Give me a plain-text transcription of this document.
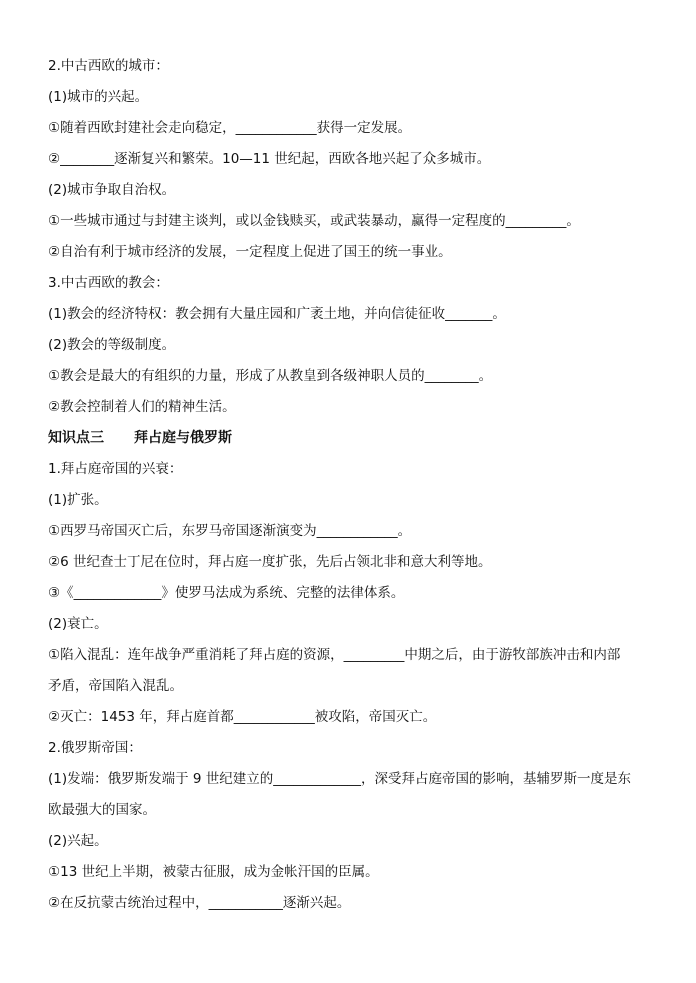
2.中古西欧的城市：
(1)城市的兴起。
①随着西欧封建社会走向稳定，____________获得一定发展。
②________逐渐复兴和繁荣。10—11 世纪起，西欧各地兴起了众多城市。
(2)城市争取自治权。
①一些城市通过与封建主谈判，或以金钱赎买，或武装暴动，赢得一定程度的_________。
②自治有利于城市经济的发展，一定程度上促进了国王的统一事业。
3.中古西欧的教会：
(1)教会的经济特权：教会拥有大量庄园和广袤土地，并向信徒征收_______。
(2)教会的等级制度。
①教会是最大的有组织的力量，形成了从教皇到各级神职人员的________。
②教会控制着人们的精神生活。
知识点三 拜占庭与俄罗斯
1.拜占庭帝国的兴衰：
(1)扩张。
①西罗马帝国灭亡后，东罗马帝国逐渐演变为____________。
②6 世纪查士丁尼在位时，拜占庭一度扩张，先后占领北非和意大利等地。
③《_____________》使罗马法成为系统、完整的法律体系。
(2)衰亡。
①陷入混乱：连年战争严重消耗了拜占庭的资源，_________中期之后，由于游牧部族冲击和内部
矛盾，帝国陷入混乱。
②灭亡：1453 年，拜占庭首都____________被攻陷，帝国灭亡。
2.俄罗斯帝国：
(1)发端：俄罗斯发端于 9 世纪建立的_____________，深受拜占庭帝国的影响，基辅罗斯一度是东
欧最强大的国家。
(2)兴起。
①13 世纪上半期，被蒙古征服，成为金帐汗国的臣属。
②在反抗蒙古统治过程中，___________逐渐兴起。
